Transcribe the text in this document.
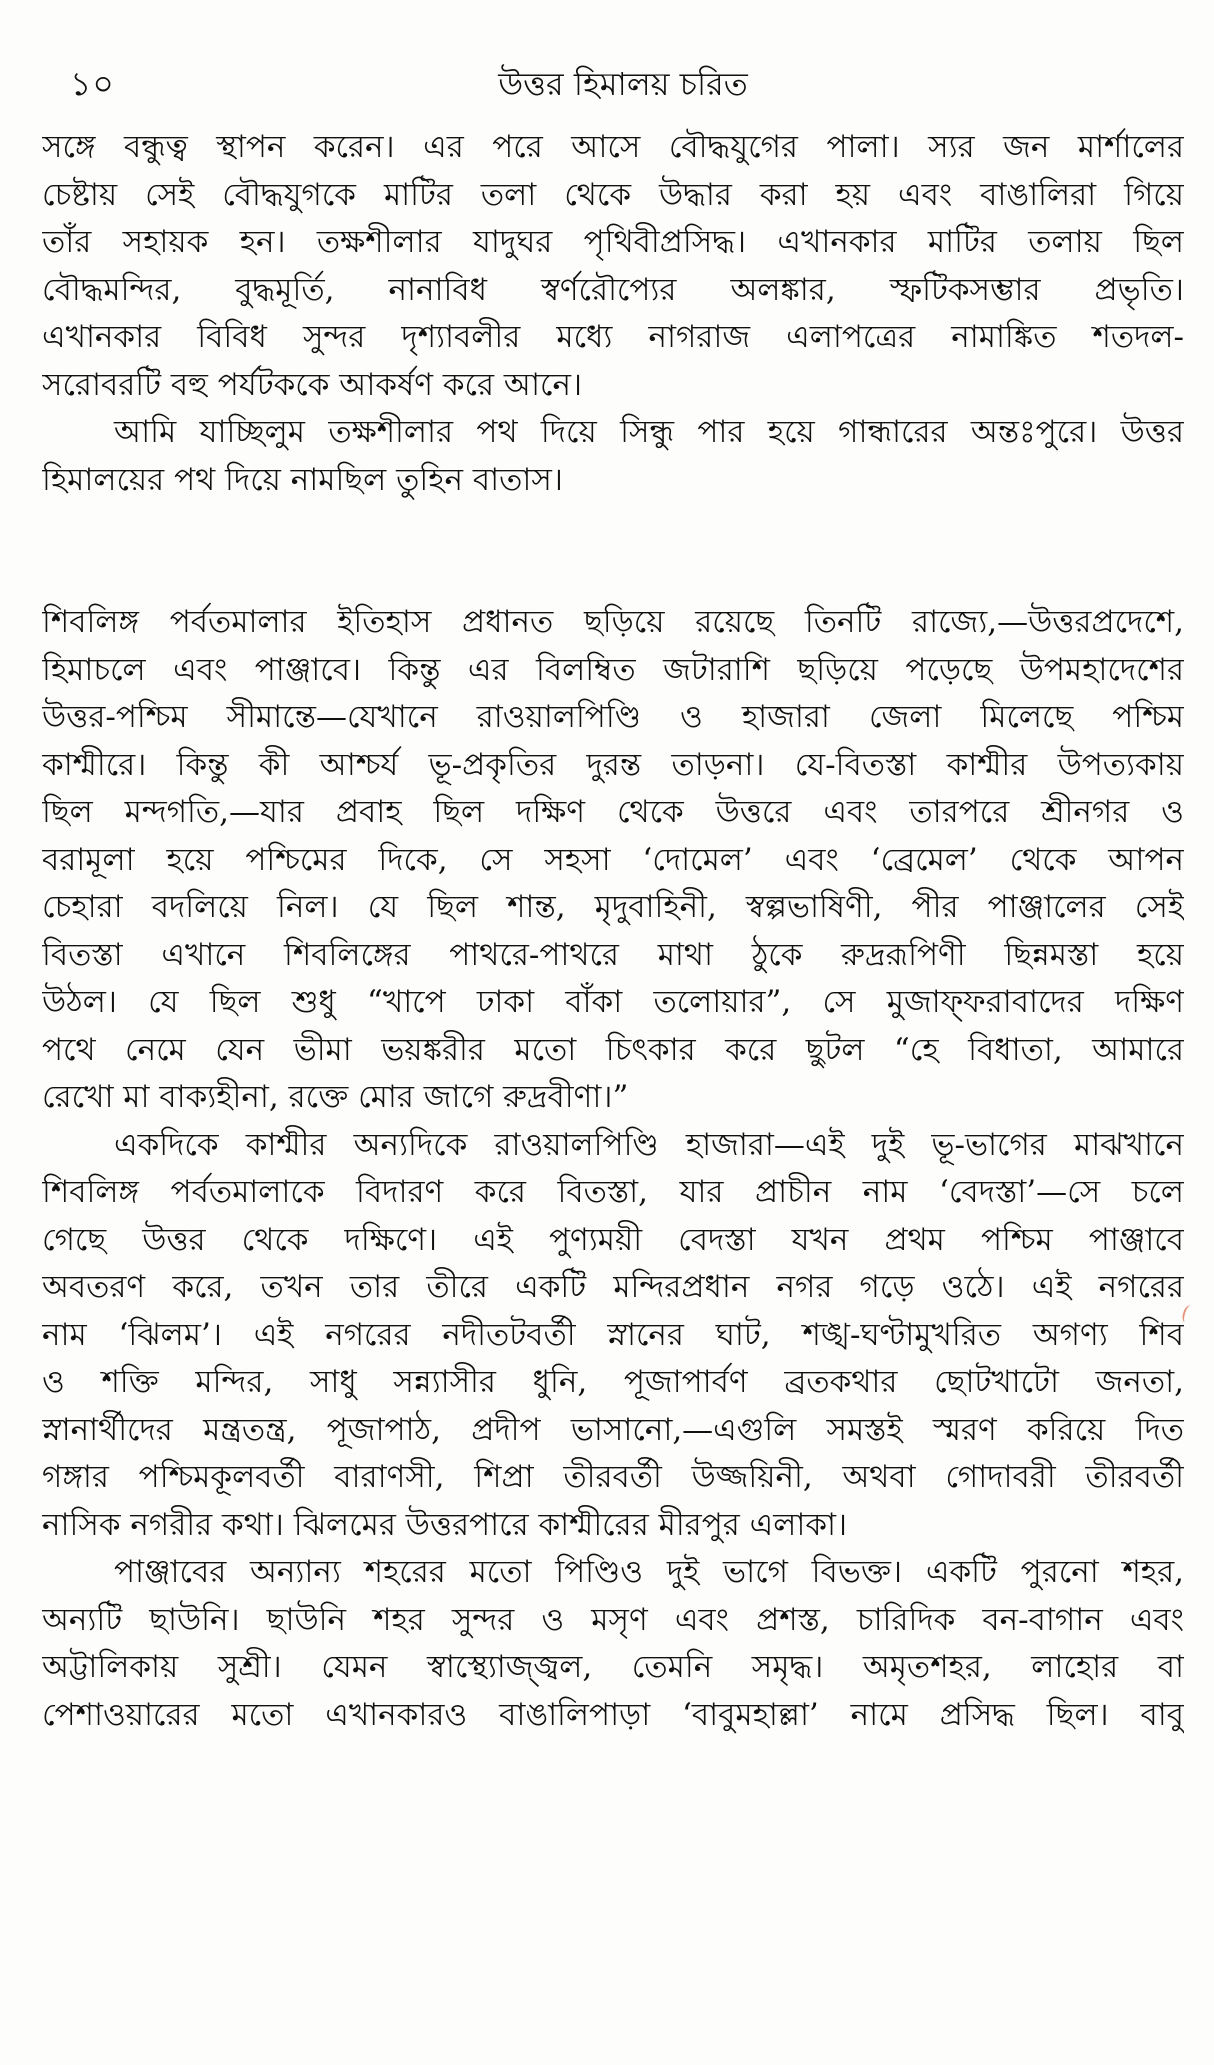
১০	উত্তর হিমালয় চরিত
সঙ্গে বন্ধুত্ব স্থাপন করেন। এর পরে আসে বৌদ্ধযুগের পালা। স্যর জন মার্শালের
চেষ্টায় সেই বৌদ্ধযুগকে মাটির তলা থেকে উদ্ধার করা হয় এবং বাঙালিরা গিয়ে
তাঁর সহায়ক হন। তক্ষশীলার যাদুঘর পৃথিবীপ্রসিদ্ধ। এখানকার মাটির তলায় ছিল
বৌদ্ধমন্দির, বুদ্ধমূর্তি, নানাবিধ স্বর্ণরৌপ্যের অলঙ্কার, স্ফটিকসম্ভার প্রভৃতি।
এখানকার বিবিধ সুন্দর দৃশ্যাবলীর মধ্যে নাগরাজ এলাপত্রের নামাঙ্কিত শতদল-
সরোবরটি বহু পর্যটককে আকর্ষণ করে আনে।
আমি যাচ্ছিলুম তক্ষশীলার পথ দিয়ে সিন্ধু পার হয়ে গান্ধারের অন্তঃপুরে। উত্তর
হিমালয়ের পথ দিয়ে নামছিল তুহিন বাতাস।
শিবলিঙ্গ পর্বতমালার ইতিহাস প্রধানত ছড়িয়ে রয়েছে তিনটি রাজ্যে,—উত্তরপ্রদেশে,
হিমাচলে এবং পাঞ্জাবে। কিন্তু এর বিলম্বিত জটারাশি ছড়িয়ে পড়েছে উপমহাদেশের
উত্তর-পশ্চিম সীমান্তে—যেখানে রাওয়ালপিণ্ডি ও হাজারা জেলা মিলেছে পশ্চিম
কাশ্মীরে। কিন্তু কী আশ্চর্য ভূ-প্রকৃতির দুরন্ত তাড়না। যে-বিতস্তা কাশ্মীর উপত্যকায়
ছিল মন্দগতি,—যার প্রবাহ ছিল দক্ষিণ থেকে উত্তরে এবং তারপরে শ্রীনগর ও
বরামূলা হয়ে পশ্চিমের দিকে, সে সহসা ‘দোমেল’ এবং ‘ব্রেমেল’ থেকে আপন
চেহারা বদলিয়ে নিল। যে ছিল শান্ত, মৃদুবাহিনী, স্বল্পভাষিণী, পীর পাঞ্জালের সেই
বিতস্তা এখানে শিবলিঙ্গের পাথরে-পাথরে মাথা ঠুকে রুদ্ররূপিণী ছিন্নমস্তা হয়ে
উঠল। যে ছিল শুধু “খাপে ঢাকা বাঁকা তলোয়ার”, সে মুজাফ্ফরাবাদের দক্ষিণ
পথে নেমে যেন ভীমা ভয়ঙ্করীর মতো চিৎকার করে ছুটল “হে বিধাতা, আমারে
রেখো মা বাক্যহীনা, রক্তে মোর জাগে রুদ্রবীণা।”
একদিকে কাশ্মীর অন্যদিকে রাওয়ালপিণ্ডি হাজারা—এই দুই ভূ-ভাগের মাঝখানে
শিবলিঙ্গ পর্বতমালাকে বিদারণ করে বিতস্তা, যার প্রাচীন নাম ‘বেদস্তা’—সে চলে
গেছে উত্তর থেকে দক্ষিণে। এই পুণ্যময়ী বেদস্তা যখন প্রথম পশ্চিম পাঞ্জাবে
অবতরণ করে, তখন তার তীরে একটি মন্দিরপ্রধান নগর গড়ে ওঠে। এই নগরের
নাম ‘ঝিলম’। এই নগরের নদীতটবর্তী স্নানের ঘাট, শঙ্খ-ঘণ্টামুখরিত অগণ্য শিব
ও শক্তি মন্দির, সাধু সন্ন্যাসীর ধুনি, পূজাপার্বণ ব্রতকথার ছোটখাটো জনতা,
স্নানার্থীদের মন্ত্রতন্ত্র, পূজাপাঠ, প্রদীপ ভাসানো,—এগুলি সমস্তই স্মরণ করিয়ে দিত
গঙ্গার পশ্চিমকূলবর্তী বারাণসী, শিপ্রা তীরবর্তী উজ্জয়িনী, অথবা গোদাবরী তীরবর্তী
নাসিক নগরীর কথা। ঝিলমের উত্তরপারে কাশ্মীরের মীরপুর এলাকা।
পাঞ্জাবের অন্যান্য শহরের মতো পিণ্ডিও দুই ভাগে বিভক্ত। একটি পুরনো শহর,
অন্যটি ছাউনি। ছাউনি শহর সুন্দর ও মসৃণ এবং প্রশস্ত, চারিদিক বন-বাগান এবং
অট্টালিকায় সুশ্রী। যেমন স্বাস্থ্যোজ্জ্বল, তেমনি সমৃদ্ধ। অমৃতশহর, লাহোর বা
পেশাওয়ারের মতো এখানকারও বাঙালিপাড়া ‘বাবুমহাল্লা’ নামে প্রসিদ্ধ ছিল। বাবু
